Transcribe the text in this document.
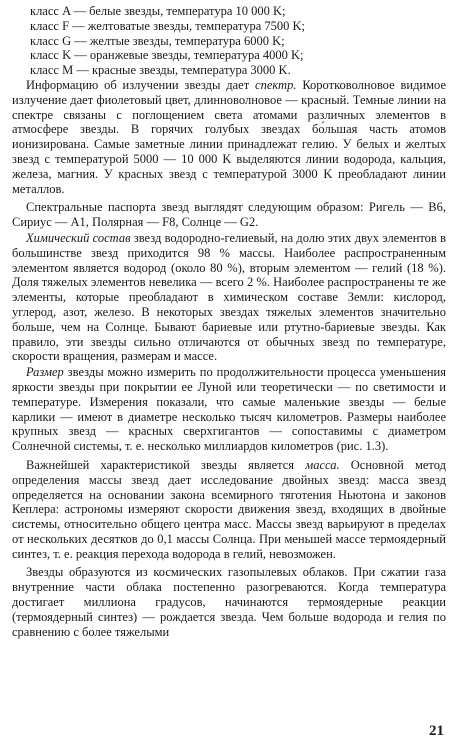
класс A — белые звезды, температура 10 000 K;
класс F — желтоватые звезды, температура 7500 K;
класс G — желтые звезды, температура 6000 K;
класс K — оранжевые звезды, температура 4000 K;
класс M — красные звезды, температура 3000 K.

Информацию об излучении звезды дает спектр. Коротковолновое видимое излучение дает фиолетовый цвет, длинноволновое — красный. Темные линии на спектре связаны с поглощением света атомами различных элементов в атмосфере звезды. В горячих голубых звездах бо́льшая часть атомов ионизирована. Самые заметные линии принадлежат гелию. У белых и желтых звезд с температурой 5000 — 10 000 K выделяются линии водорода, кальция, железа, магния. У красных звезд с температурой 3000 K преобладают линии металлов.

Спектральные паспорта звезд выглядят следующим образом: Ригель — B6, Сириус — A1, Полярная — F8, Солнце — G2.

Химический состав звезд водородно-гелиевый, на долю этих двух элементов в большинстве звезд приходится 98 % массы. Наиболее распространенным элементом является водород (около 80 %), вторым элементом — гелий (18 %). Доля тяжелых элементов невелика — всего 2 %. Наиболее распространены те же элементы, которые преобладают в химическом составе Земли: кислород, углерод, азот, железо. В некоторых звездах тяжелых элементов значительно больше, чем на Солнце. Бывают бариевые или ртутно-бариевые звезды. Как правило, эти звезды сильно отличаются от обычных звезд по температуре, скорости вращения, размерам и массе.

Размер звезды можно измерить по продолжительности процесса уменьшения яркости звезды при покрытии ее Луной или теоретически — по светимости и температуре. Измерения показали, что самые маленькие звезды — белые карлики — имеют в диаметре несколько тысяч километров. Размеры наиболее крупных звезд — красных сверхгигантов — сопоставимы с диаметром Солнечной системы, т. е. несколько миллиардов километров (рис. 1.3).

Важнейшей характеристикой звезды является масса. Основной метод определения массы звезд дает исследование двойных звезд: масса звезд определяется на основании закона всемирного тяготения Ньютона и законов Кеплера: астрономы измеряют скорости движения звезд, входящих в двойные системы, относительно общего центра масс. Массы звезд варьируют в пределах от нескольких десятков до 0,1 массы Солнца. При меньшей массе термоядерный синтез, т. е. реакция перехода водорода в гелий, невозможен.

Звезды образуются из космических газопылевых облаков. При сжатии газа внутренние части облака постепенно разогреваются. Когда температура достигает миллиона градусов, начинаются термоядерные реакции (термоядерный синтез) — рождается звезда. Чем больше водорода и гелия по сравнению с более тяжелыми

21
